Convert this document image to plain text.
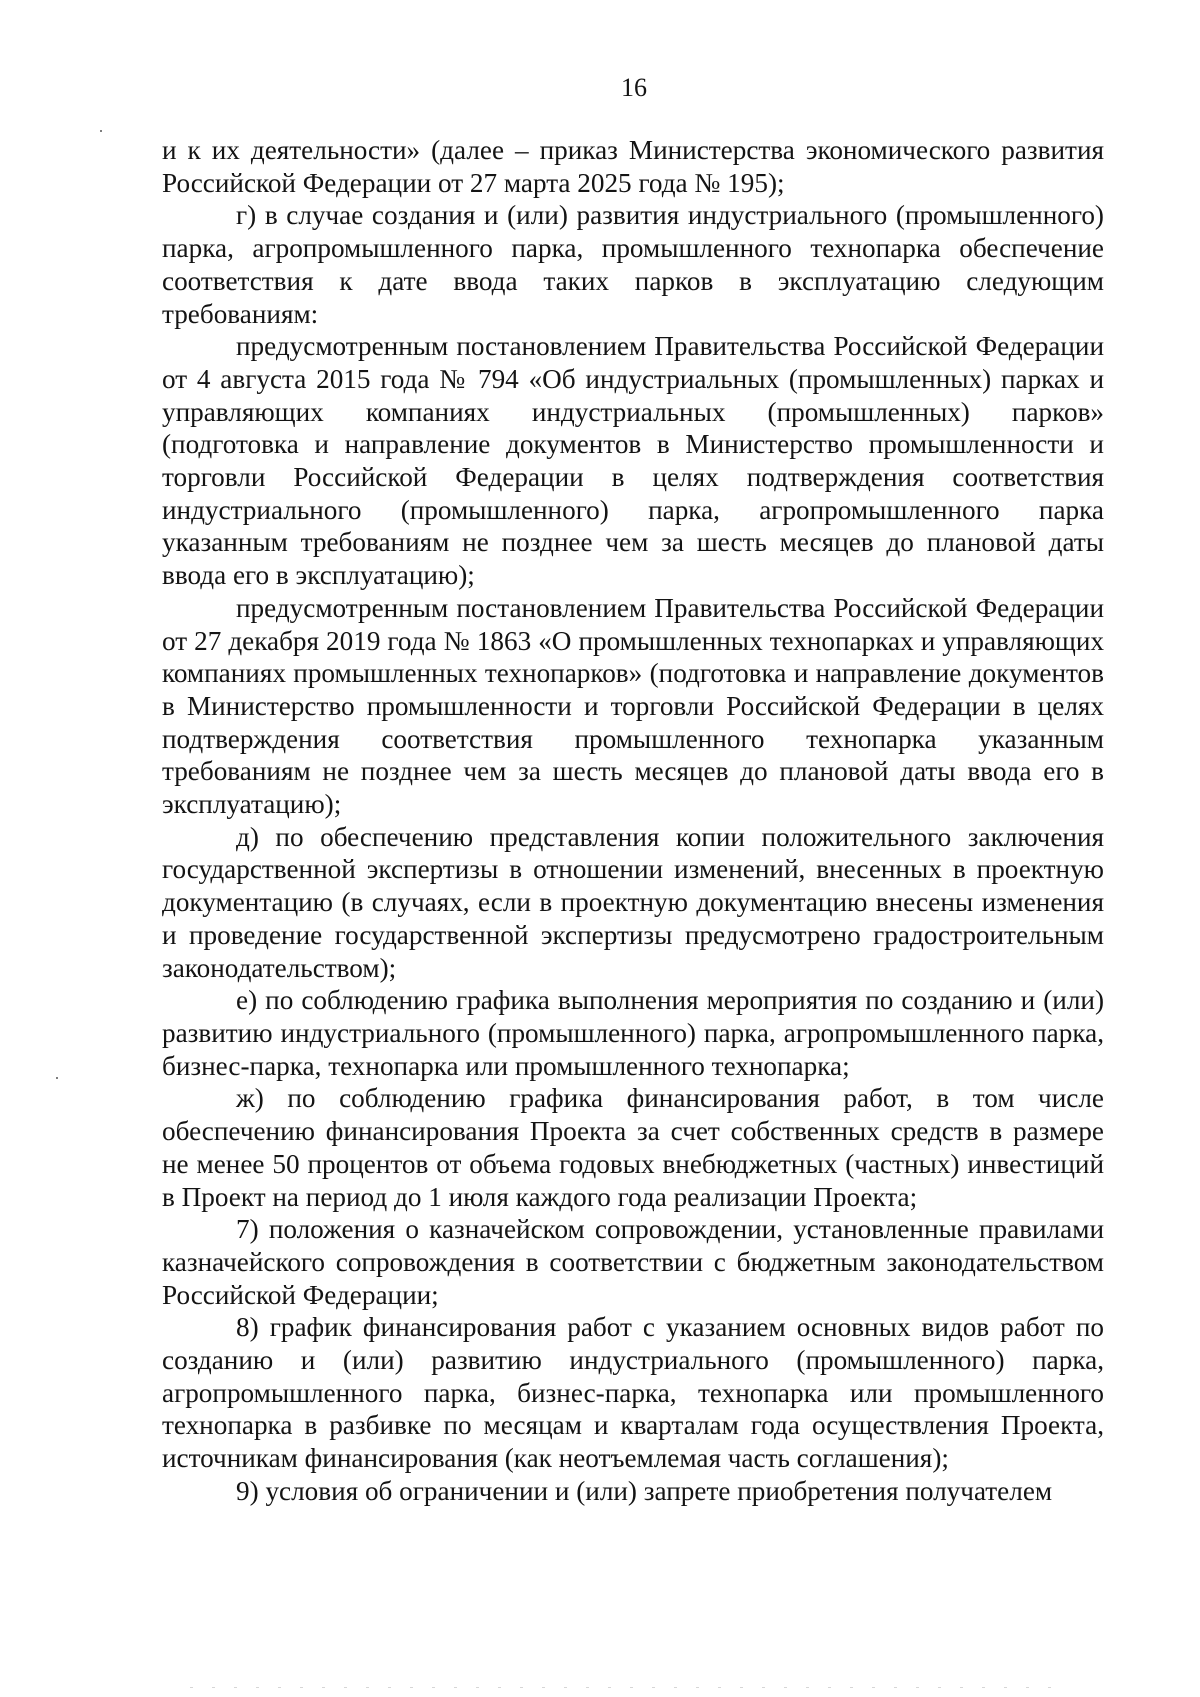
16

и к их деятельности» (далее – приказ Министерства экономического развития Российской Федерации от 27 марта 2025 года № 195);

г) в случае создания и (или) развития индустриального (промышленного) парка, агропромышленного парка, промышленного технопарка обеспечение соответствия к дате ввода таких парков в эксплуатацию следующим требованиям:

предусмотренным постановлением Правительства Российской Федерации от 4 августа 2015 года № 794 «Об индустриальных (промышленных) парках и управляющих компаниях индустриальных (промышленных) парков» (подготовка и направление документов в Министерство промышленности и торговли Российской Федерации в целях подтверждения соответствия индустриального (промышленного) парка, агропромышленного парка указанным требованиям не позднее чем за шесть месяцев до плановой даты ввода его в эксплуатацию);

предусмотренным постановлением Правительства Российской Федерации от 27 декабря 2019 года № 1863 «О промышленных технопарках и управляющих компаниях промышленных технопарков» (подготовка и направление документов в Министерство промышленности и торговли Российской Федерации в целях подтверждения соответствия промышленного технопарка указанным требованиям не позднее чем за шесть месяцев до плановой даты ввода его в эксплуатацию);

д) по обеспечению представления копии положительного заключения государственной экспертизы в отношении изменений, внесенных в проектную документацию (в случаях, если в проектную документацию внесены изменения и проведение государственной экспертизы предусмотрено градостроительным законодательством);

е) по соблюдению графика выполнения мероприятия по созданию и (или) развитию индустриального (промышленного) парка, агропромышленного парка, бизнес-парка, технопарка или промышленного технопарка;

ж) по соблюдению графика финансирования работ, в том числе обеспечению финансирования Проекта за счет собственных средств в размере не менее 50 процентов от объема годовых внебюджетных (частных) инвестиций в Проект на период до 1 июля каждого года реализации Проекта;

7) положения о казначейском сопровождении, установленные правилами казначейского сопровождения в соответствии с бюджетным законодательством Российской Федерации;

8) график финансирования работ с указанием основных видов работ по созданию и (или) развитию индустриального (промышленного) парка, агропромышленного парка, бизнес-парка, технопарка или промышленного технопарка в разбивке по месяцам и кварталам года осуществления Проекта, источникам финансирования (как неотъемлемая часть соглашения);

9) условия об ограничении и (или) запрете приобретения получателем
